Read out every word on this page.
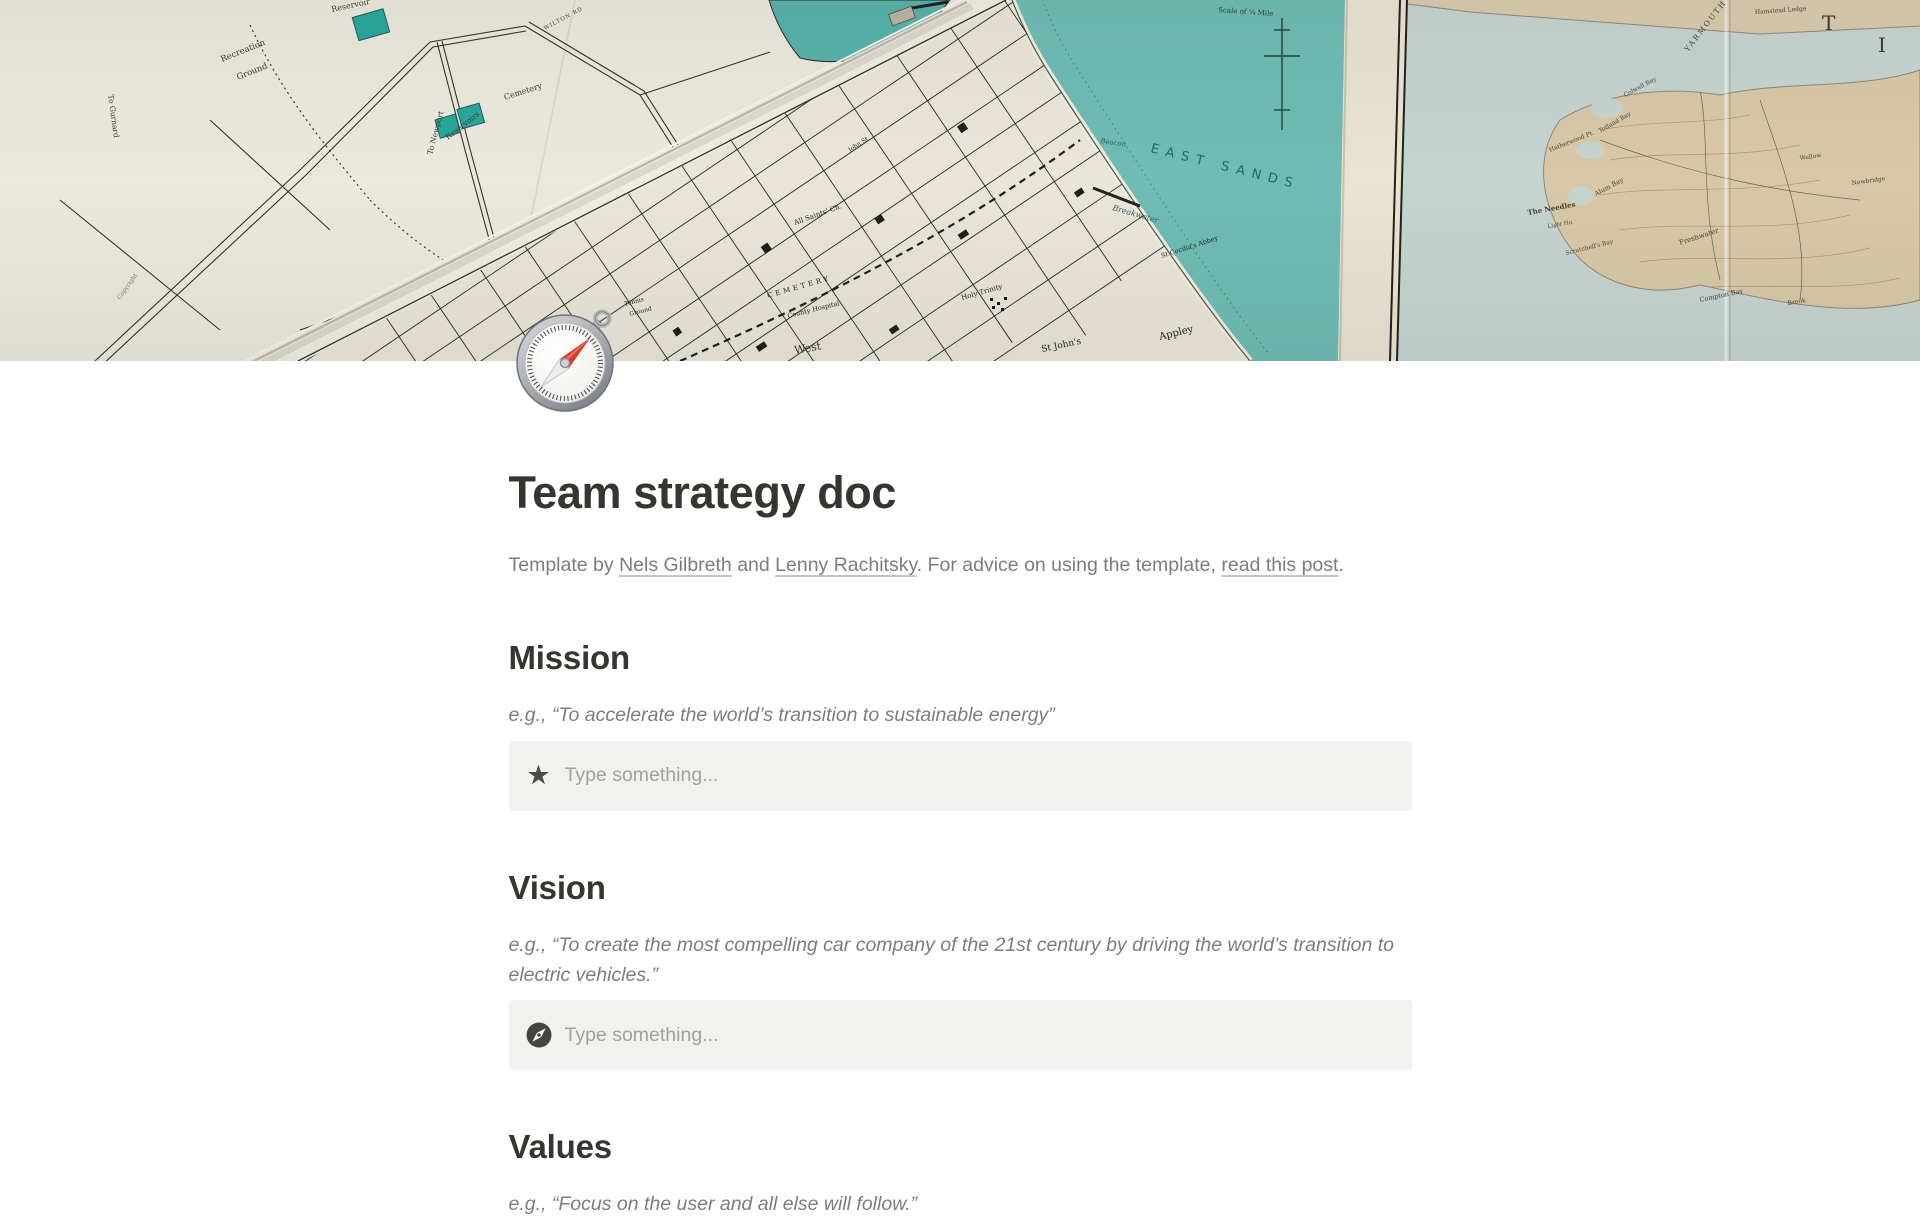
Team strategy doc

Template by Nels Gilbreth and Lenny Rachitsky. For advice on using the template, read this post.

Mission

e.g., “To accelerate the world’s transition to sustainable energy”

★ Type something...
Vision

e.g., “To create the most compelling car company of the 21st century by driving the world’s transition to electric vehicles.”

Type something...
Values

e.g., “Focus on the user and all else will follow.”
